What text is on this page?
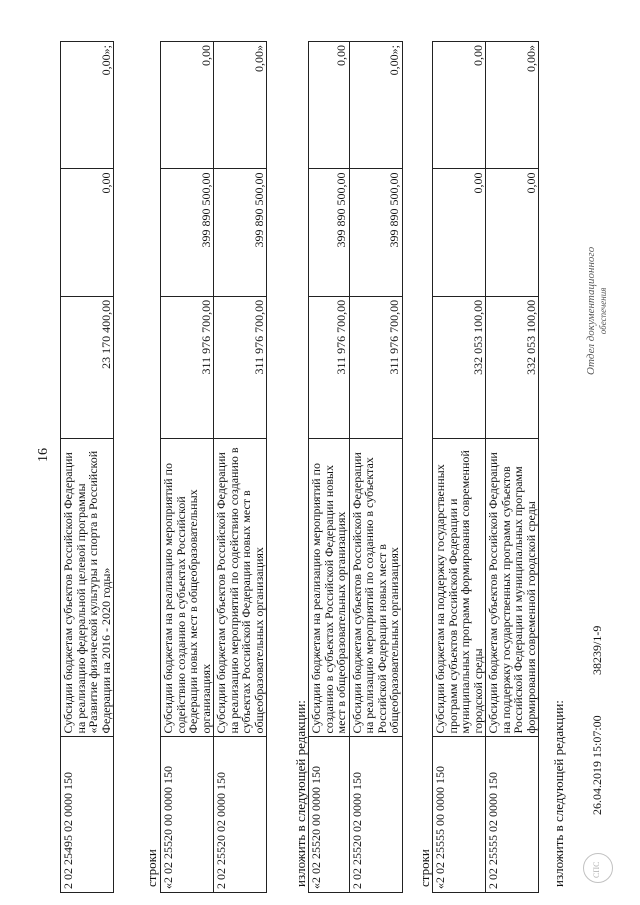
16
2 02 25495 02 0000 150	Субсидии бюджетам субъектов Российской Федерации на реализацию федеральной целевой программы «Развитие физической культуры и спорта в Российской Федерации на 2016 - 2020 годы»	23 170 400,00	0,00	0,00»;
строки «2 02 25520 00 0000 150	Субсидии бюджетам на реализацию мероприятий по содействию созданию в субъектах Российской Федерации новых мест в общеобразовательных организациях	311 976 700,00	399 890 500,00	0,00
2 02 25520 02 0000 150	Субсидии бюджетам субъектов Российской Федерации на реализацию мероприятий по содействию созданию в субъектах Российской Федерации новых мест в общеобразовательных организациях	311 976 700,00	399 890 500,00	0,00»
изложить в следующей редакции: «2 02 25520 00 0000 150	Субсидии бюджетам на реализацию мероприятий по созданию в субъектах Российской Федерации новых мест в общеобразовательных организациях	311 976 700,00	399 890 500,00	0,00
2 02 25520 02 0000 150	Субсидии бюджетам субъектов Российской Федерации на реализацию мероприятий по созданию в субъектах Российской Федерации новых мест в общеобразовательных организациях	311 976 700,00	399 890 500,00	0,00»;
строки «2 02 25555 00 0000 150	Субсидии бюджетам на поддержку государственных программ субъектов Российской Федерации и муниципальных программ формирования современной городской среды	332 053 100,00	0,00	0,00
2 02 25555 02 0000 150	Субсидии бюджетам субъектов Российской Федерации на поддержку государственных программ субъектов Российской Федерации и муниципальных программ формирования современной городской среды	332 053 100,00	0,00	0,00»
изложить в следующей редакции:
СПС 26.04.2019 15:07:00
38239/1-9
Отдел документационного обеспечения
